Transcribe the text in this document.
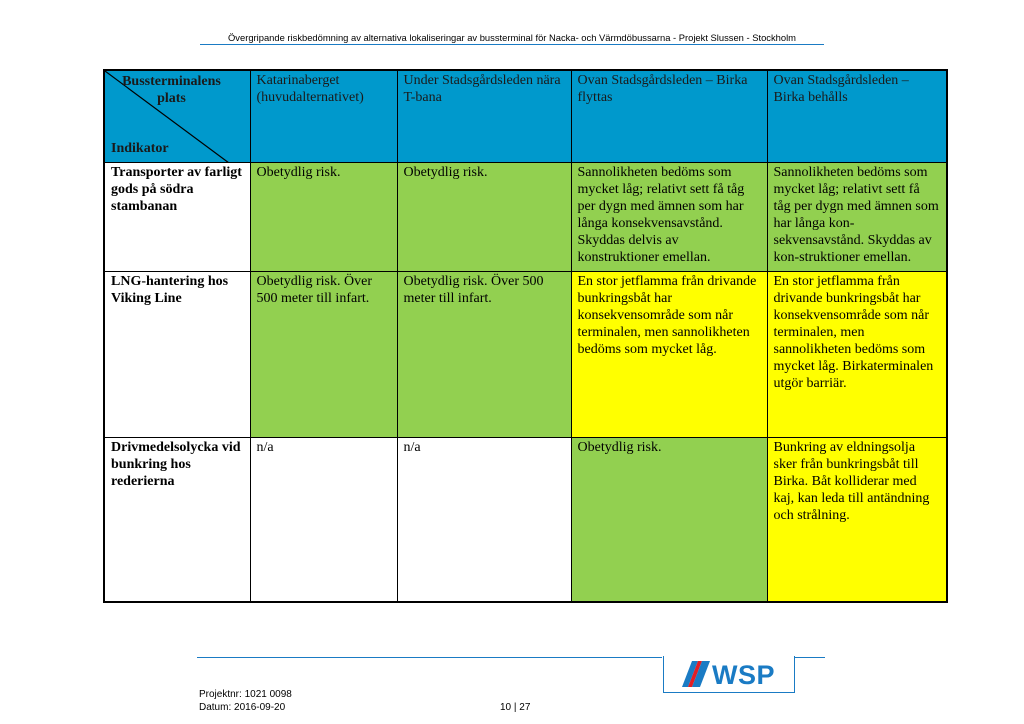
Övergripande riskbedömning av alternativa lokaliseringar av bussterminal för Nacka- och Värmdöbussarna - Projekt Slussen - Stockholm
Bussterminalens plats
Indikator	Katarinaberget (huvudalternativet)	Under Stadsgårdsleden nära T-bana	Ovan Stadsgårdsleden – Birka flyttas	Ovan Stadsgårdsleden – Birka behålls
Transporter av farligt gods på södra stambanan	Obetydlig risk.	Obetydlig risk.	Sannolikheten bedöms som mycket låg; relativt sett få tåg per dygn med ämnen som har långa konsekvensavstånd. Skyddas delvis av konstruktioner emellan.	Sannolikheten bedöms som mycket låg; relativt sett få tåg per dygn med ämnen som har långa kon-sekvensavstånd. Skyddas av kon-struktioner emellan.
LNG-hantering hos Viking Line	Obetydlig risk. Över 500 meter till infart.	Obetydlig risk. Över 500 meter till infart.	En stor jetflamma från drivande bunkringsbåt har konsekvensområde som når terminalen, men sannolikheten bedöms som mycket låg.	En stor jetflamma från drivande bunkringsbåt har konsekvensområde som når terminalen, men sannolikheten bedöms som mycket låg. Birkaterminalen utgör barriär.
Drivmedelsolycka vid bunkring hos rederierna	n/a	n/a	Obetydlig risk.	Bunkring av eldningsolja sker från bunkringsbåt till Birka. Båt kolliderar med kaj, kan leda till antändning och strålning.
WSP
Projektnr: 1021 0098
Datum: 2016-09-20	10 | 27
